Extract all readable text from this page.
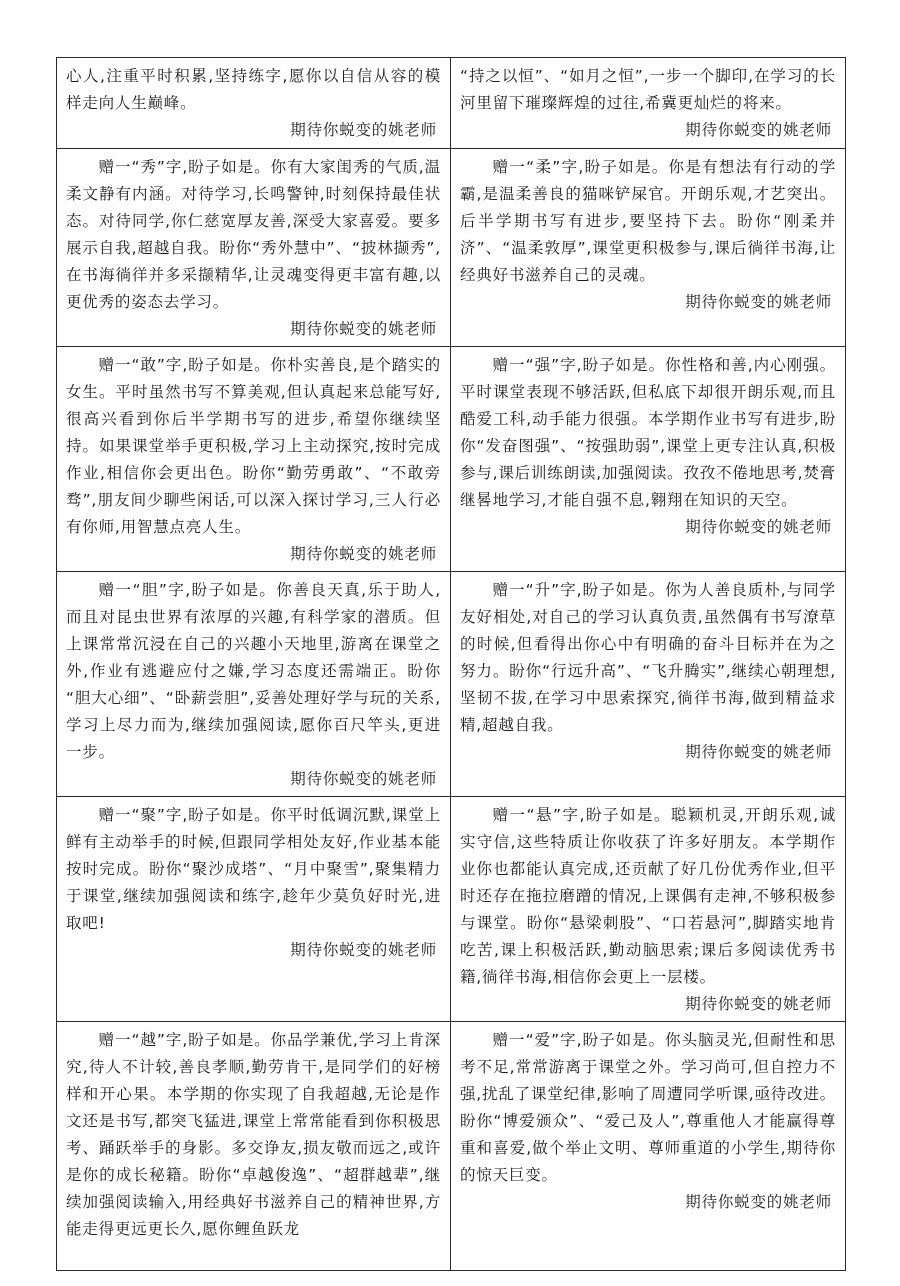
心人,注重平时积累,坚持练字,愿你以自信从容的模样走向人生巅峰。
期待你蜕变的姚老师
“持之以恒”、“如月之恒”,一步一个脚印,在学习的长河里留下璀璨辉煌的过往,希冀更灿烂的将来。
期待你蜕变的姚老师
赠一“秀”字,盼子如是。你有大家闺秀的气质,温柔文静有内涵。对待学习,长鸣警钟,时刻保持最佳状态。对待同学,你仁慈宽厚友善,深受大家喜爱。要多展示自我,超越自我。盼你“秀外慧中”、“披林撷秀”,在书海徜徉并多采撷精华,让灵魂变得更丰富有趣,以更优秀的姿态去学习。
期待你蜕变的姚老师
赠一“柔”字,盼子如是。你是有想法有行动的学霸,是温柔善良的猫咪铲屎官。开朗乐观,才艺突出。后半学期书写有进步,要坚持下去。盼你“刚柔并济”、“温柔敦厚”,课堂更积极参与,课后徜徉书海,让经典好书滋养自己的灵魂。
期待你蜕变的姚老师
赠一“敢”字,盼子如是。你朴实善良,是个踏实的女生。平时虽然书写不算美观,但认真起来总能写好,很高兴看到你后半学期书写的进步,希望你继续坚持。如果课堂举手更积极,学习上主动探究,按时完成作业,相信你会更出色。盼你“勤劳勇敢”、“不敢旁骛”,朋友间少聊些闲话,可以深入探讨学习,三人行必有你师,用智慧点亮人生。
期待你蜕变的姚老师
赠一“强”字,盼子如是。你性格和善,内心刚强。平时课堂表现不够活跃,但私底下却很开朗乐观,而且酷爱工科,动手能力很强。本学期作业书写有进步,盼你“发奋图强”、“按强助弱”,课堂上更专注认真,积极参与,课后训练朗读,加强阅读。孜孜不倦地思考,焚膏继晷地学习,才能自强不息,翱翔在知识的天空。
期待你蜕变的姚老师
赠一“胆”字,盼子如是。你善良天真,乐于助人,而且对昆虫世界有浓厚的兴趣,有科学家的潜质。但上课常常沉浸在自己的兴趣小天地里,游离在课堂之外,作业有逃避应付之嫌,学习态度还需端正。盼你“胆大心细”、“卧薪尝胆”,妥善处理好学与玩的关系,学习上尽力而为,继续加强阅读,愿你百尺竿头,更进一步。
期待你蜕变的姚老师
赠一“升”字,盼子如是。你为人善良质朴,与同学友好相处,对自己的学习认真负责,虽然偶有书写潦草的时候,但看得出你心中有明确的奋斗目标并在为之努力。盼你“行远升高”、“飞升腾实”,继续心朝理想,坚韧不拔,在学习中思索探究,徜徉书海,做到精益求精,超越自我。
期待你蜕变的姚老师
赠一“聚”字,盼子如是。你平时低调沉默,课堂上鲜有主动举手的时候,但跟同学相处友好,作业基本能按时完成。盼你“聚沙成塔”、“月中聚雪”,聚集精力于课堂,继续加强阅读和练字,趁年少莫负好时光,进取吧!
期待你蜕变的姚老师
赠一“悬”字,盼子如是。聪颖机灵,开朗乐观,诚实守信,这些特质让你收获了许多好朋友。本学期作业你也都能认真完成,还贡献了好几份优秀作业,但平时还存在拖拉磨蹭的情况,上课偶有走神,不够积极参与课堂。盼你“悬梁刺股”、“口若悬河”,脚踏实地肯吃苦,课上积极活跃,勤动脑思索;课后多阅读优秀书籍,徜徉书海,相信你会更上一层楼。
期待你蜕变的姚老师
赠一“越”字,盼子如是。你品学兼优,学习上肯深究,待人不计较,善良孝顺,勤劳肯干,是同学们的好榜样和开心果。本学期的你实现了自我超越,无论是作文还是书写,都突飞猛进,课堂上常常能看到你积极思考、踊跃举手的身影。多交诤友,损友敬而远之,或许是你的成长秘籍。盼你“卓越俊逸”、“超群越辈”,继续加强阅读输入,用经典好书滋养自己的精神世界,方能走得更远更长久,愿你鲤鱼跃龙
赠一“爱”字,盼子如是。你头脑灵光,但耐性和思考不足,常常游离于课堂之外。学习尚可,但自控力不强,扰乱了课堂纪律,影响了周遭同学听课,亟待改进。盼你“博爱颁众”、“爱己及人”,尊重他人才能赢得尊重和喜爱,做个举止文明、尊师重道的小学生,期待你的惊天巨变。
期待你蜕变的姚老师
